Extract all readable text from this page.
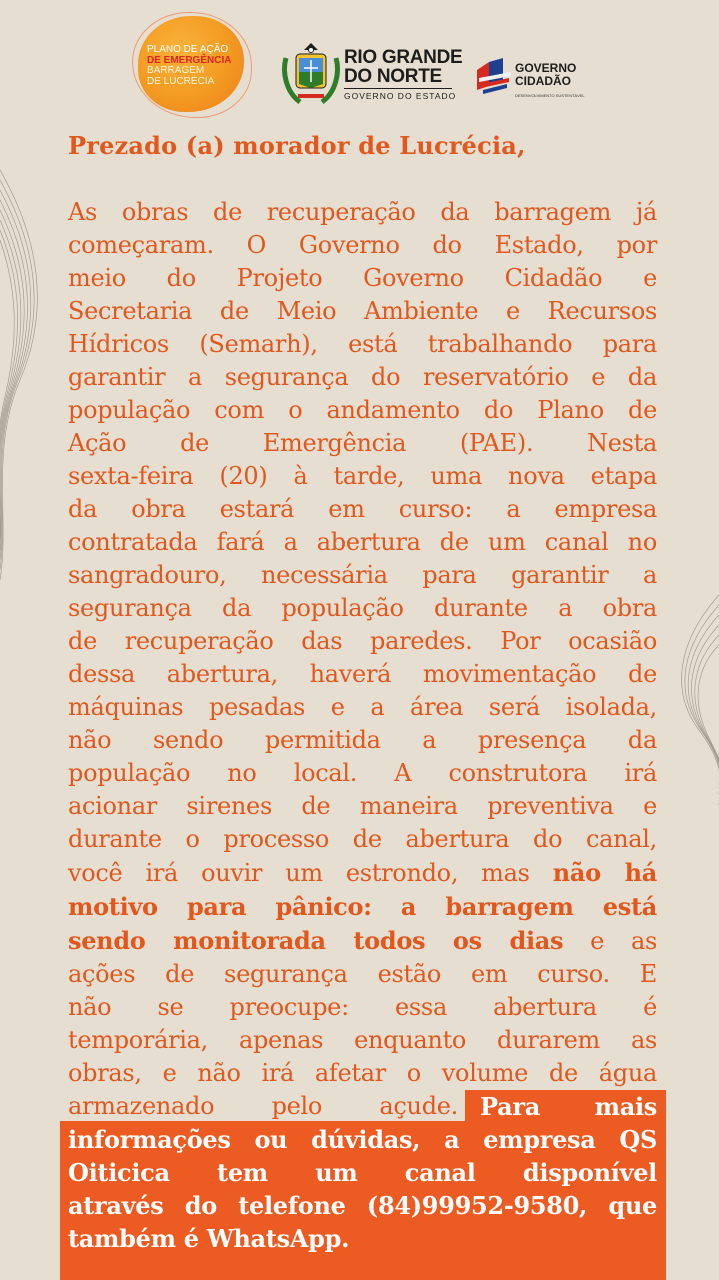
PLANO DE AÇÃO
DE EMERGÊNCIA
BARRAGEM
DE LUCRÉCIA
RIO GRANDE
DO NORTE
GOVERNO DO ESTADO
GOVERNO
CIDADÃO
DESENVOLVIMENTO SUSTENTÁVEL
Prezado (a) morador de Lucrécia,

As obras de recuperação da barragem já
começaram. O Governo do Estado, por
meio do Projeto Governo Cidadão e
Secretaria de Meio Ambiente e Recursos
Hídricos (Semarh), está trabalhando para
garantir a segurança do reservatório e da
população com o andamento do Plano de
Ação de Emergência (PAE). Nesta
sexta-feira (20) à tarde, uma nova etapa
da obra estará em curso: a empresa
contratada fará a abertura de um canal no
sangradouro, necessária para garantir a
segurança da população durante a obra
de recuperação das paredes. Por ocasião
dessa abertura, haverá movimentação de
máquinas pesadas e a área será isolada,
não sendo permitida a presença da
população no local. A construtora irá
acionar sirenes de maneira preventiva e
durante o processo de abertura do canal,
você irá ouvir um estrondo, mas não há
motivo para pânico: a barragem está
sendo monitorada todos os dias e as
ações de segurança estão em curso. E
não se preocupe: essa abertura é
temporária, apenas enquanto durarem as
obras, e não irá afetar o volume de água

armazenado pelo açude. Para mais

informações ou dúvidas, a empresa QS
Oiticica tem um canal disponível
através do telefone (84)99952-9580, que
também é WhatsApp.
